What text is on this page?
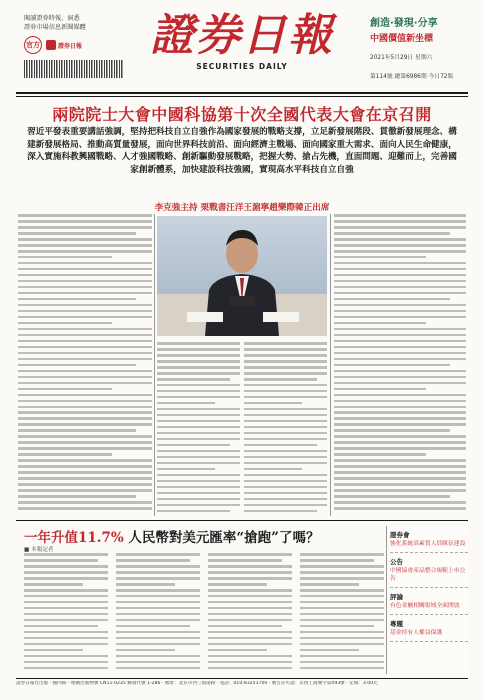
閱讀證券時報，洞悉
證券市場信息新聞媒體
官方	證券日報 證券日報
SECURITIES DAILY
創造·發現·分享
中國價值新坐標
2021年5月29日 星期六
第114號 總第6986期 今日72版
兩院院士大會中國科協第十次全國代表大會在京召開
習近平發表重要講話強調，堅持把科技自立自強作為國家發展的戰略支撐，立足新發展階段、貫徹新發展理念、構建新發展格局、推動高質量發展，面向世界科技前沿、面向經濟主戰場、面向國家重大需求、面向人民生命健康，深入實施科教興國戰略、人才強國戰略、創新驅動發展戰略，把握大勢、搶占先機，直面問題、迎難而上，完善國家創新體系，加快建設科技強國，實現高水平科技自立自強
李克強主持 栗戰書汪洋王滬寧趙樂際韓正出席
一年升值11.7% 人民幣對美元匯率“搶跑”了嗎？
■ 本報記者
證券會
強化系統高素質人員隊伍建設
公告
中國協會產品整合規範上市公告
評論
有色金屬相關領域全面開放
專題
基金持有人權益保護
證券日報社出版 · 國內統一連續出版物號 CN11-0235 郵發代號 1-286 · 地址：北京市西三環南路 · 電話：010-83251700 · 廣告許可證：京西工商廣字第093號 · 定價：3.00元
